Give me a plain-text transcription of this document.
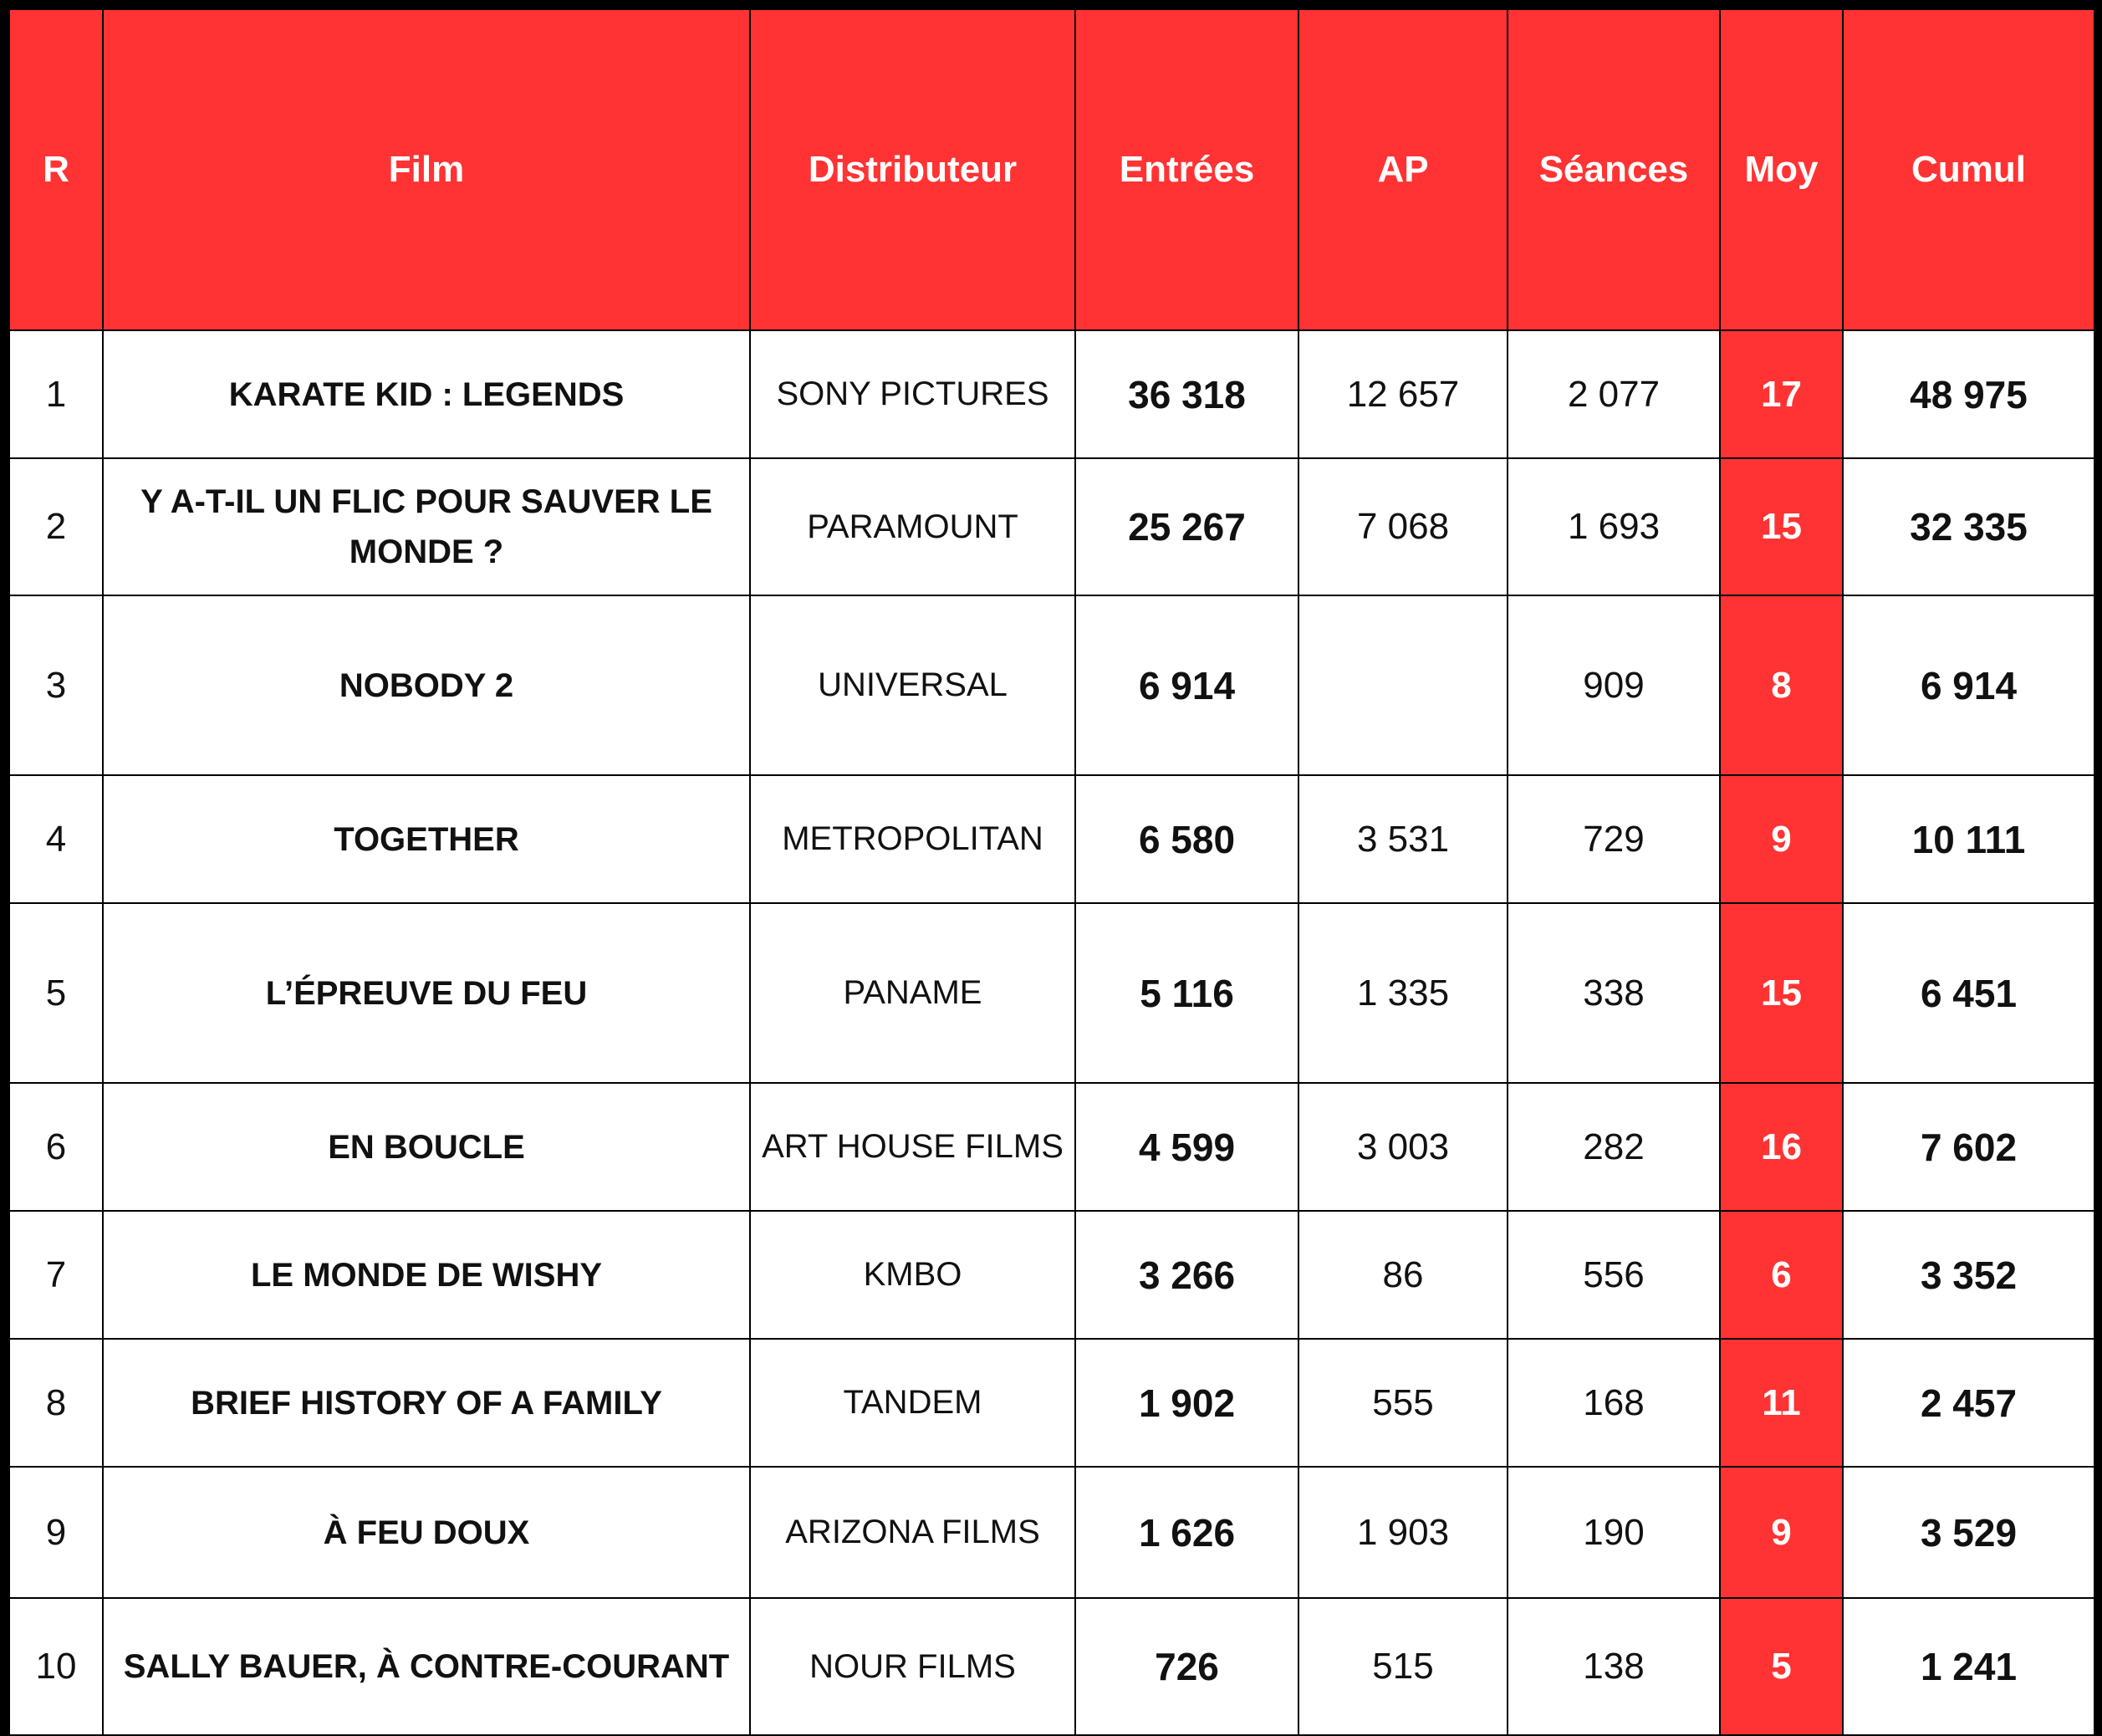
R	Film	Distributeur	Entrées	AP	Séances	Moy	Cumul
1	KARATE KID : LEGENDS	SONY PICTURES	36 318	12 657	2 077	17	48 975
2	Y A-T-IL UN FLIC POUR SAUVER LE MONDE ?	PARAMOUNT	25 267	7 068	1 693	15	32 335
3	NOBODY 2	UNIVERSAL	6 914		909	8	6 914
4	TOGETHER	METROPOLITAN	6 580	3 531	729	9	10 111
5	L’ÉPREUVE DU FEU	PANAME	5 116	1 335	338	15	6 451
6	EN BOUCLE	ART HOUSE FILMS	4 599	3 003	282	16	7 602
7	LE MONDE DE WISHY	KMBO	3 266	86	556	6	3 352
8	BRIEF HISTORY OF A FAMILY	TANDEM	1 902	555	168	11	2 457
9	À FEU DOUX	ARIZONA FILMS	1 626	1 903	190	9	3 529
10	SALLY BAUER, À CONTRE-COURANT	NOUR FILMS	726	515	138	5	1 241
